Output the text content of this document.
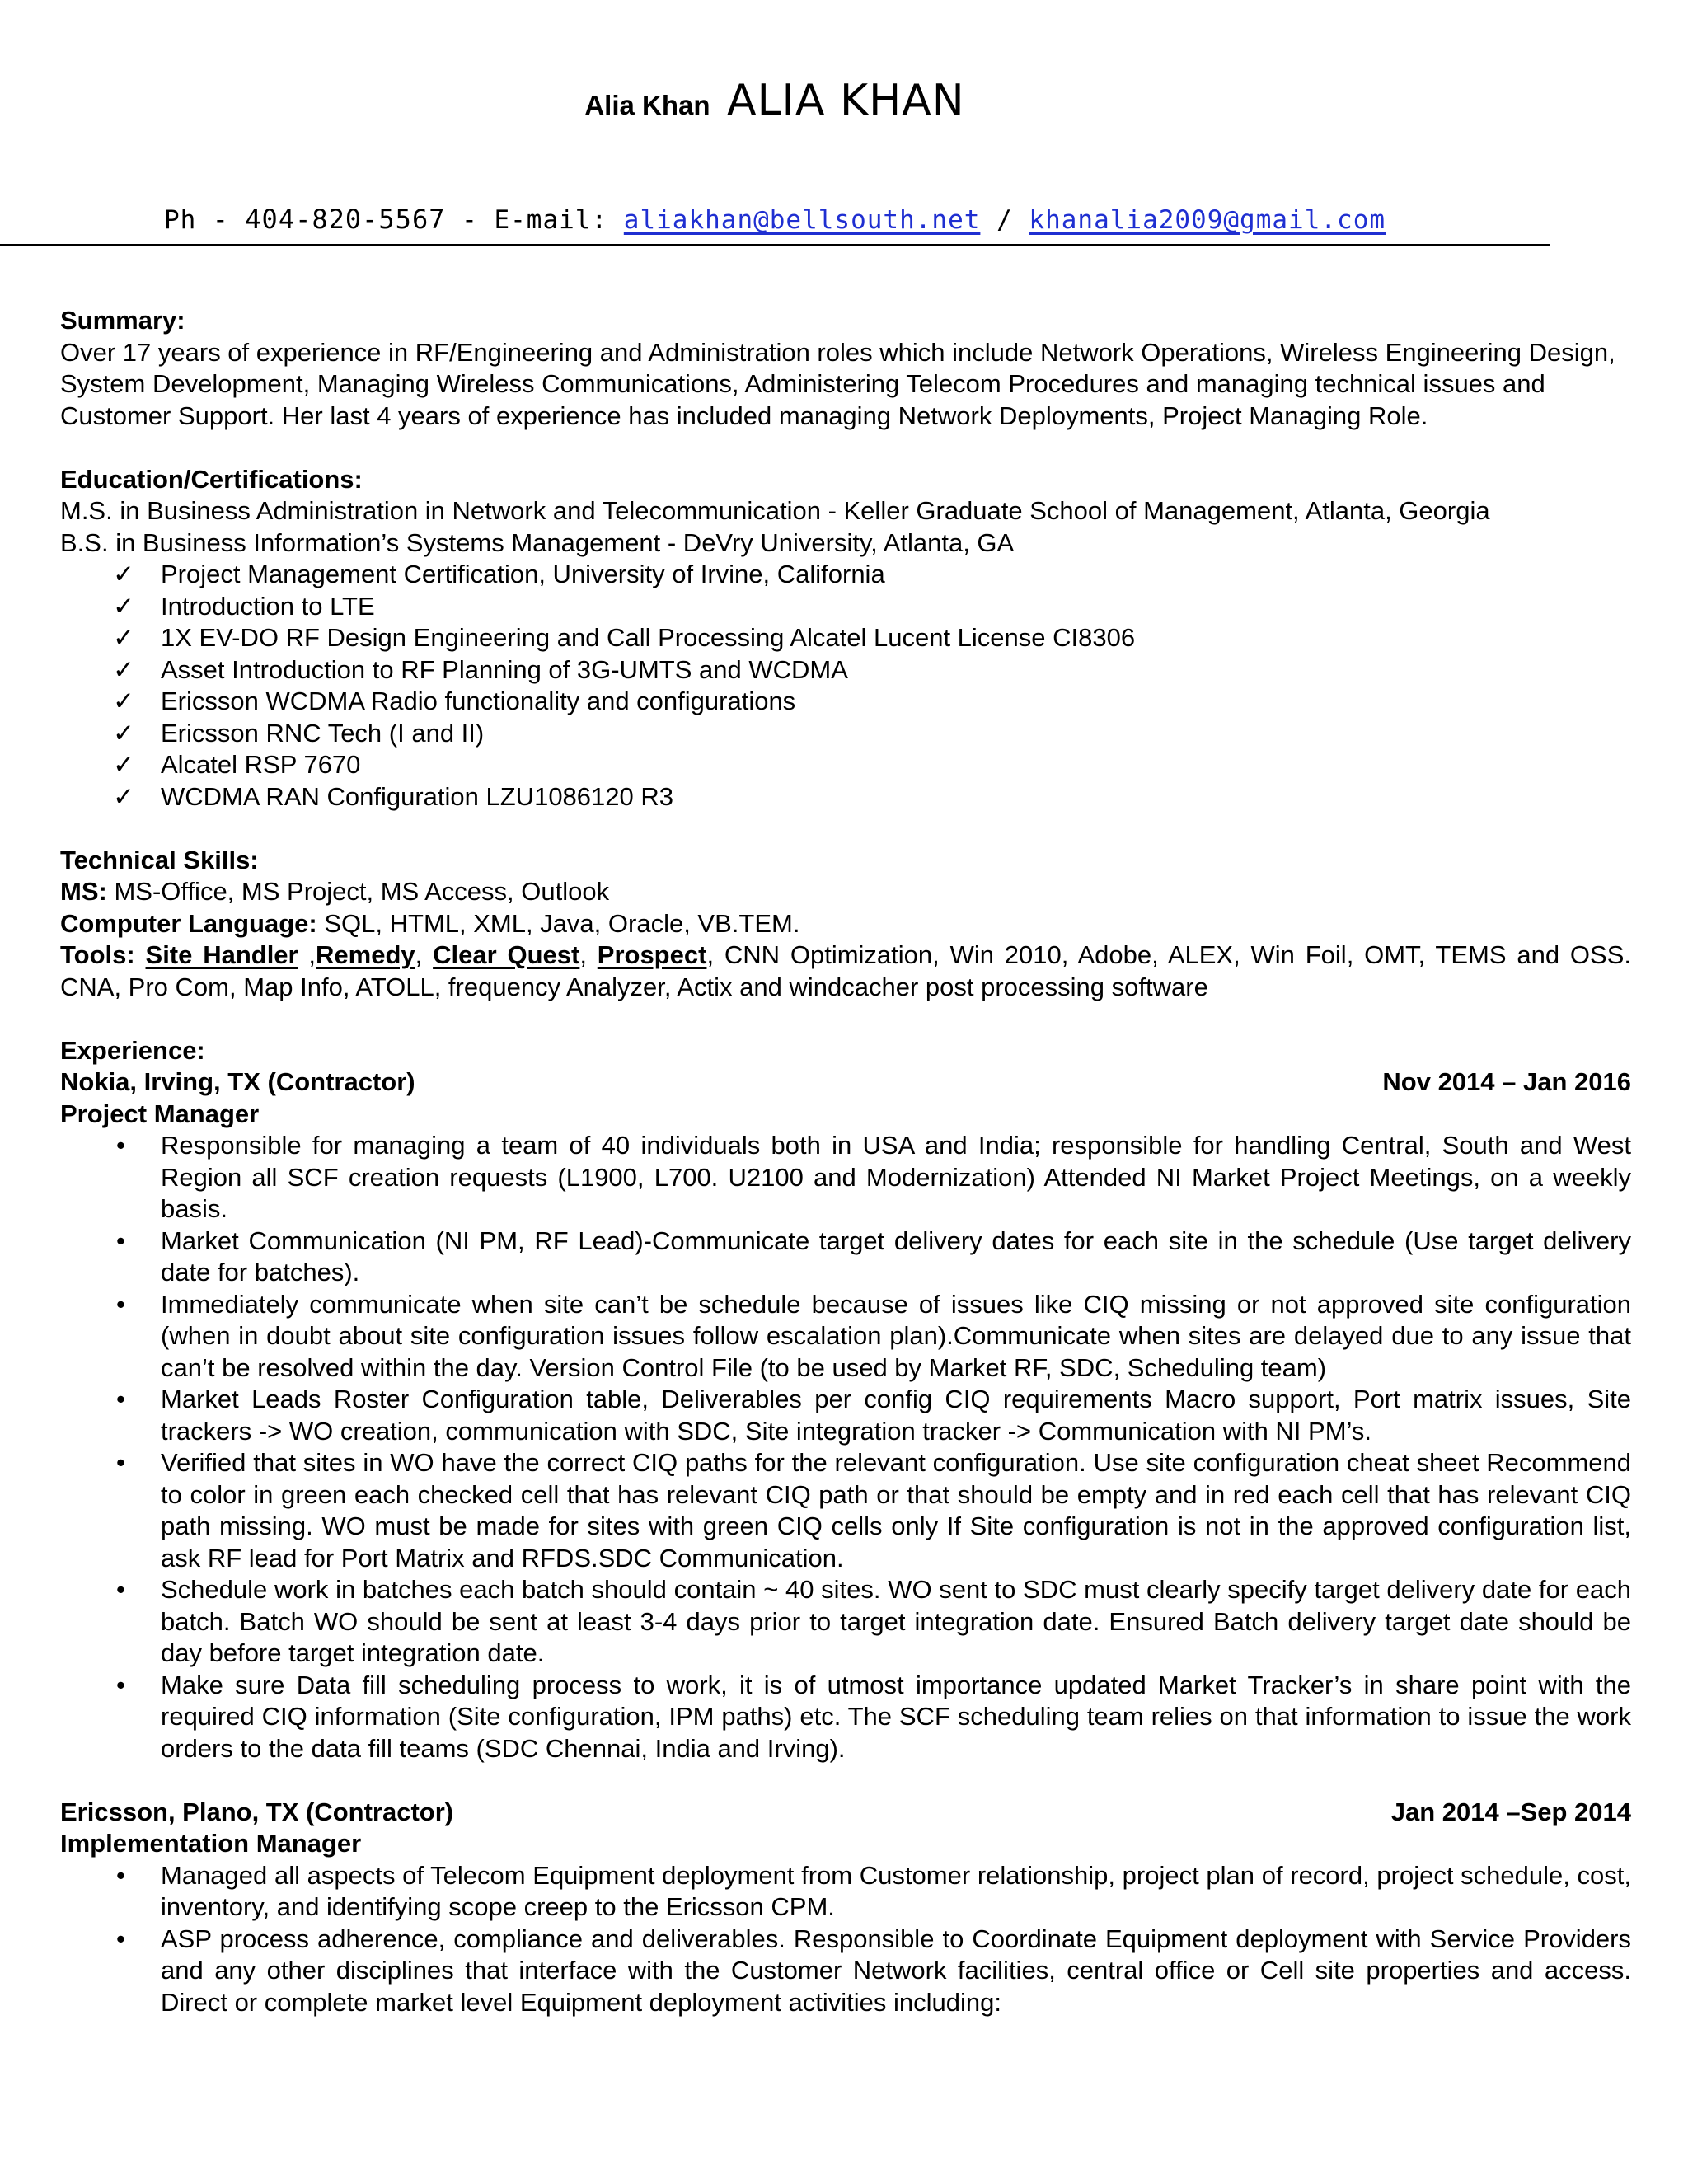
Alia Khan ALIA KHAN
Ph - 404-820-5567 - E-mail: aliakhan@bellsouth.net / khanalia2009@gmail.com

Summary:

Over 17 years of experience in RF/Engineering and Administration roles which include Network Operations, Wireless Engineering Design, System Development, Managing Wireless Communications, Administering Telecom Procedures and managing technical issues and Customer Support. Her last 4 years of experience has included managing Network Deployments, Project Managing Role.

Education/Certifications:

M.S. in Business Administration in Network and Telecommunication - Keller Graduate School of Management, Atlanta, Georgia

B.S. in Business Information’s Systems Management - DeVry University, Atlanta, GA

✓ Project Management Certification, University of Irvine, California
✓ Introduction to LTE
✓ 1X EV-DO RF Design Engineering and Call Processing Alcatel Lucent License CI8306
✓ Asset Introduction to RF Planning of 3G-UMTS and WCDMA
✓ Ericsson WCDMA Radio functionality and configurations
✓ Ericsson RNC Tech (I and II)
✓ Alcatel RSP 7670
✓ WCDMA RAN Configuration LZU1086120 R3

Technical Skills:

MS: MS-Office, MS Project, MS Access, Outlook

Computer Language: SQL, HTML, XML, Java, Oracle, VB.TEM.

Tools: Site Handler ,Remedy, Clear Quest, Prospect, CNN Optimization, Win 2010, Adobe, ALEX, Win Foil, OMT, TEMS and OSS. CNA, Pro Com, Map Info, ATOLL, frequency Analyzer, Actix and windcacher post processing software

Experience:

Nokia, Irving, TX (Contractor)	Nov 2014 – Jan 2016

Project Manager

• Responsible for managing a team of 40 individuals both in USA and India; responsible for handling Central, South and West Region all SCF creation requests (L1900, L700. U2100 and Modernization) Attended NI Market Project Meetings, on a weekly basis.
• Market Communication (NI PM, RF Lead)-Communicate target delivery dates for each site in the schedule (Use target delivery date for batches).
• Immediately communicate when site can’t be schedule because of issues like CIQ missing or not approved site configuration (when in doubt about site configuration issues follow escalation plan).Communicate when sites are delayed due to any issue that can’t be resolved within the day. Version Control File (to be used by Market RF, SDC, Scheduling team)
• Market Leads Roster Configuration table, Deliverables per config CIQ requirements Macro support, Port matrix issues, Site trackers -> WO creation, communication with SDC, Site integration tracker -> Communication with NI PM’s.
• Verified that sites in WO have the correct CIQ paths for the relevant configuration. Use site configuration cheat sheet Recommend to color in green each checked cell that has relevant CIQ path or that should be empty and in red each cell that has relevant CIQ path missing. WO must be made for sites with green CIQ cells only If Site configuration is not in the approved configuration list, ask RF lead for Port Matrix and RFDS.SDC Communication.
• Schedule work in batches each batch should contain ~ 40 sites. WO sent to SDC must clearly specify target delivery date for each batch. Batch WO should be sent at least 3-4 days prior to target integration date. Ensured Batch delivery target date should be day before target integration date.
• Make sure Data fill scheduling process to work, it is of utmost importance updated Market Tracker’s in share point with the required CIQ information (Site configuration, IPM paths) etc. The SCF scheduling team relies on that information to issue the work orders to the data fill teams (SDC Chennai, India and Irving).
Ericsson, Plano, TX (Contractor)	Jan 2014 –Sep 2014

Implementation Manager

• Managed all aspects of Telecom Equipment deployment from Customer relationship, project plan of record, project schedule, cost, inventory, and identifying scope creep to the Ericsson CPM.
• ASP process adherence, compliance and deliverables. Responsible to Coordinate Equipment deployment with Service Providers and any other disciplines that interface with the Customer Network facilities, central office or Cell site properties and access. Direct or complete market level Equipment deployment activities including:
